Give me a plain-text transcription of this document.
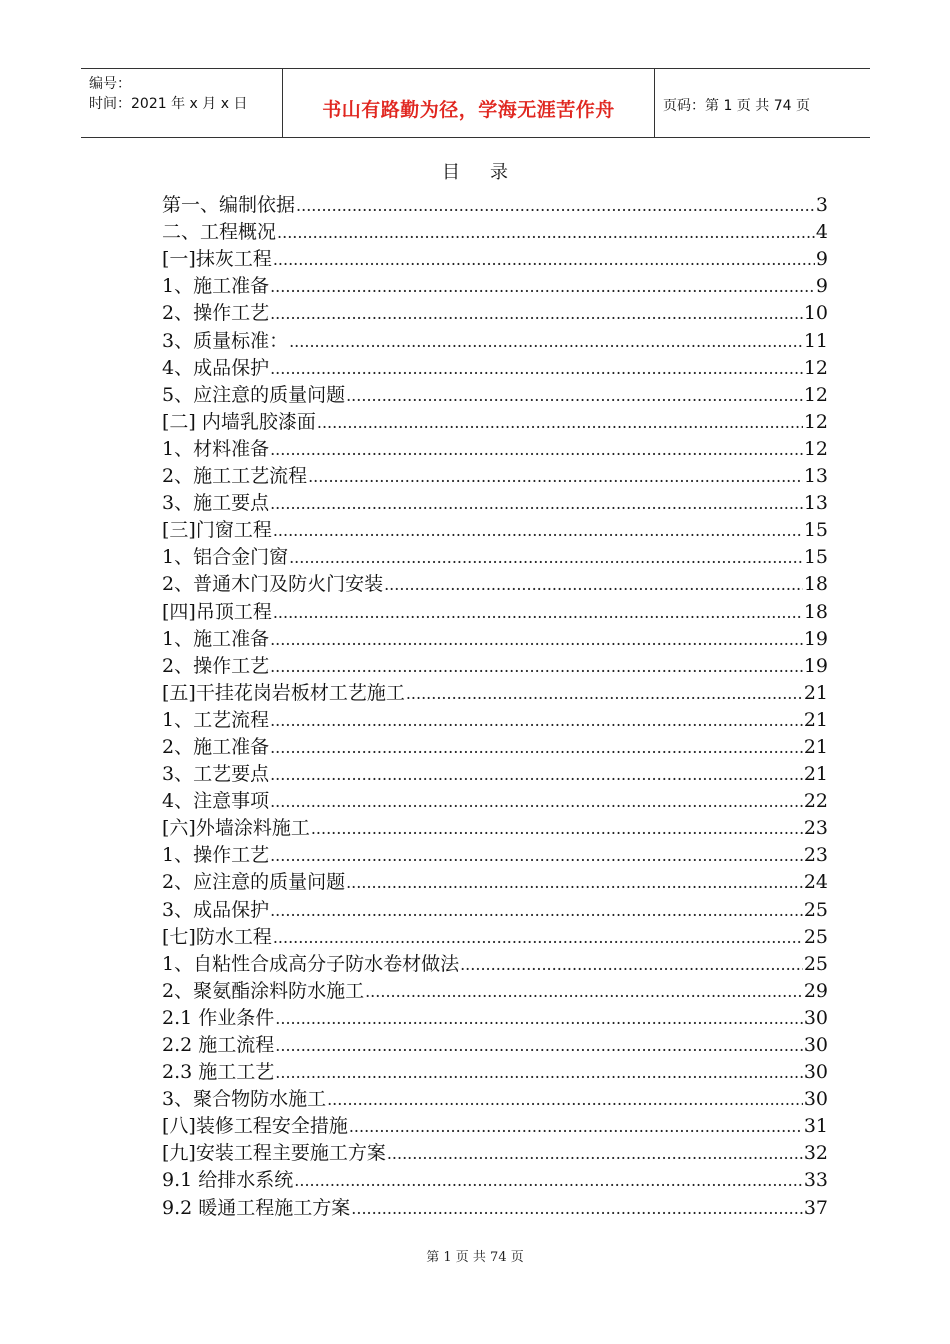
编号：
时间：2021 年 x 月 x 日	书山有路勤为径，学海无涯苦作舟	页码：第 1 页 共 74 页
目录
第一、编制依据 .....	3
二、工程概况 .....	4
[一]抹灰工程 .....	9
1、施工准备 .....	9
2、操作工艺 .....	10
3、质量标准： .....	11
4、成品保护 .....	12
5、应注意的质量问题 .....	12
[二] 内墙乳胶漆面 .....	12
1、材料准备 .....	12
2、施工工艺流程 .....	13
3、施工要点 .....	13
[三]门窗工程 .....	15
1、铝合金门窗 .....	15
2、普通木门及防火门安装 .....	18
[四]吊顶工程 .....	18
1、施工准备 .....	19
2、操作工艺 .....	19
[五]干挂花岗岩板材工艺施工 .....	21
1、工艺流程 .....	21
2、施工准备 .....	21
3、工艺要点 .....	21
4、注意事项 .....	22
[六]外墙涂料施工 .....	23
1、操作工艺 .....	23
2、应注意的质量问题 .....	24
3、成品保护 .....	25
[七]防水工程 .....	25
1、自粘性合成高分子防水卷材做法 .....	25
2、聚氨酯涂料防水施工 .....	29
2.1 作业条件 .....	30
2.2 施工流程 .....	30
2.3 施工工艺 .....	30
3、聚合物防水施工 .....	30
[八]装修工程安全措施 .....	31
[九]安装工程主要施工方案 .....	32
9.1 给排水系统 .....	33
9.2 暖通工程施工方案 .....	37
第 1 页 共 74 页
